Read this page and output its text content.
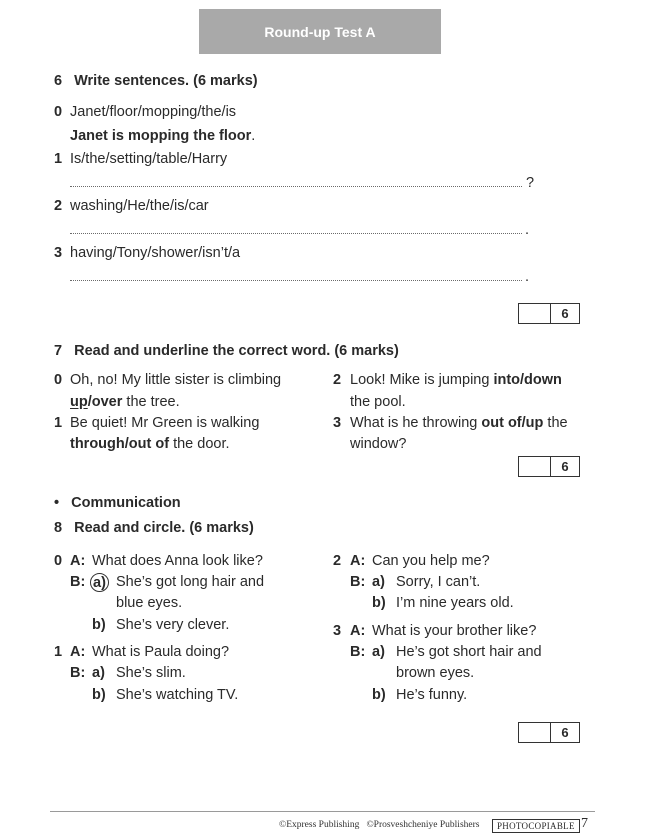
Round-up Test A
6 Write sentences. (6 marks)
0 Janet/floor/mopping/the/is
Janet is mopping the floor.
1 Is/the/setting/table/Harry
?
2 washing/He/the/is/car
.
3 having/Tony/shower/isn’t/a
.
6
7 Read and underline the correct word. (6 marks)
0 Oh, no! My little sister is climbing
up/over the tree.
1 Be quiet! Mr Green is walking
through/out of the door.
2 Look! Mike is jumping into/down
the pool.
3 What is he throwing out of/up the
window?
6
• Communication
8 Read and circle. (6 marks)
0 A: What does Anna look like?
B: a) She’s got long hair and
blue eyes.
b) She’s very clever.
1 A: What is Paula doing?
B: a) She’s slim.
b) She’s watching TV.
2 A: Can you help me?
B: a) Sorry, I can’t.
b) I’m nine years old.
3 A: What is your brother like?
B: a) He’s got short hair and
brown eyes.
b) He’s funny.
6
©Express Publishing   ©Prosveshcheniye Publishers	PHOTOCOPIABLE 7
